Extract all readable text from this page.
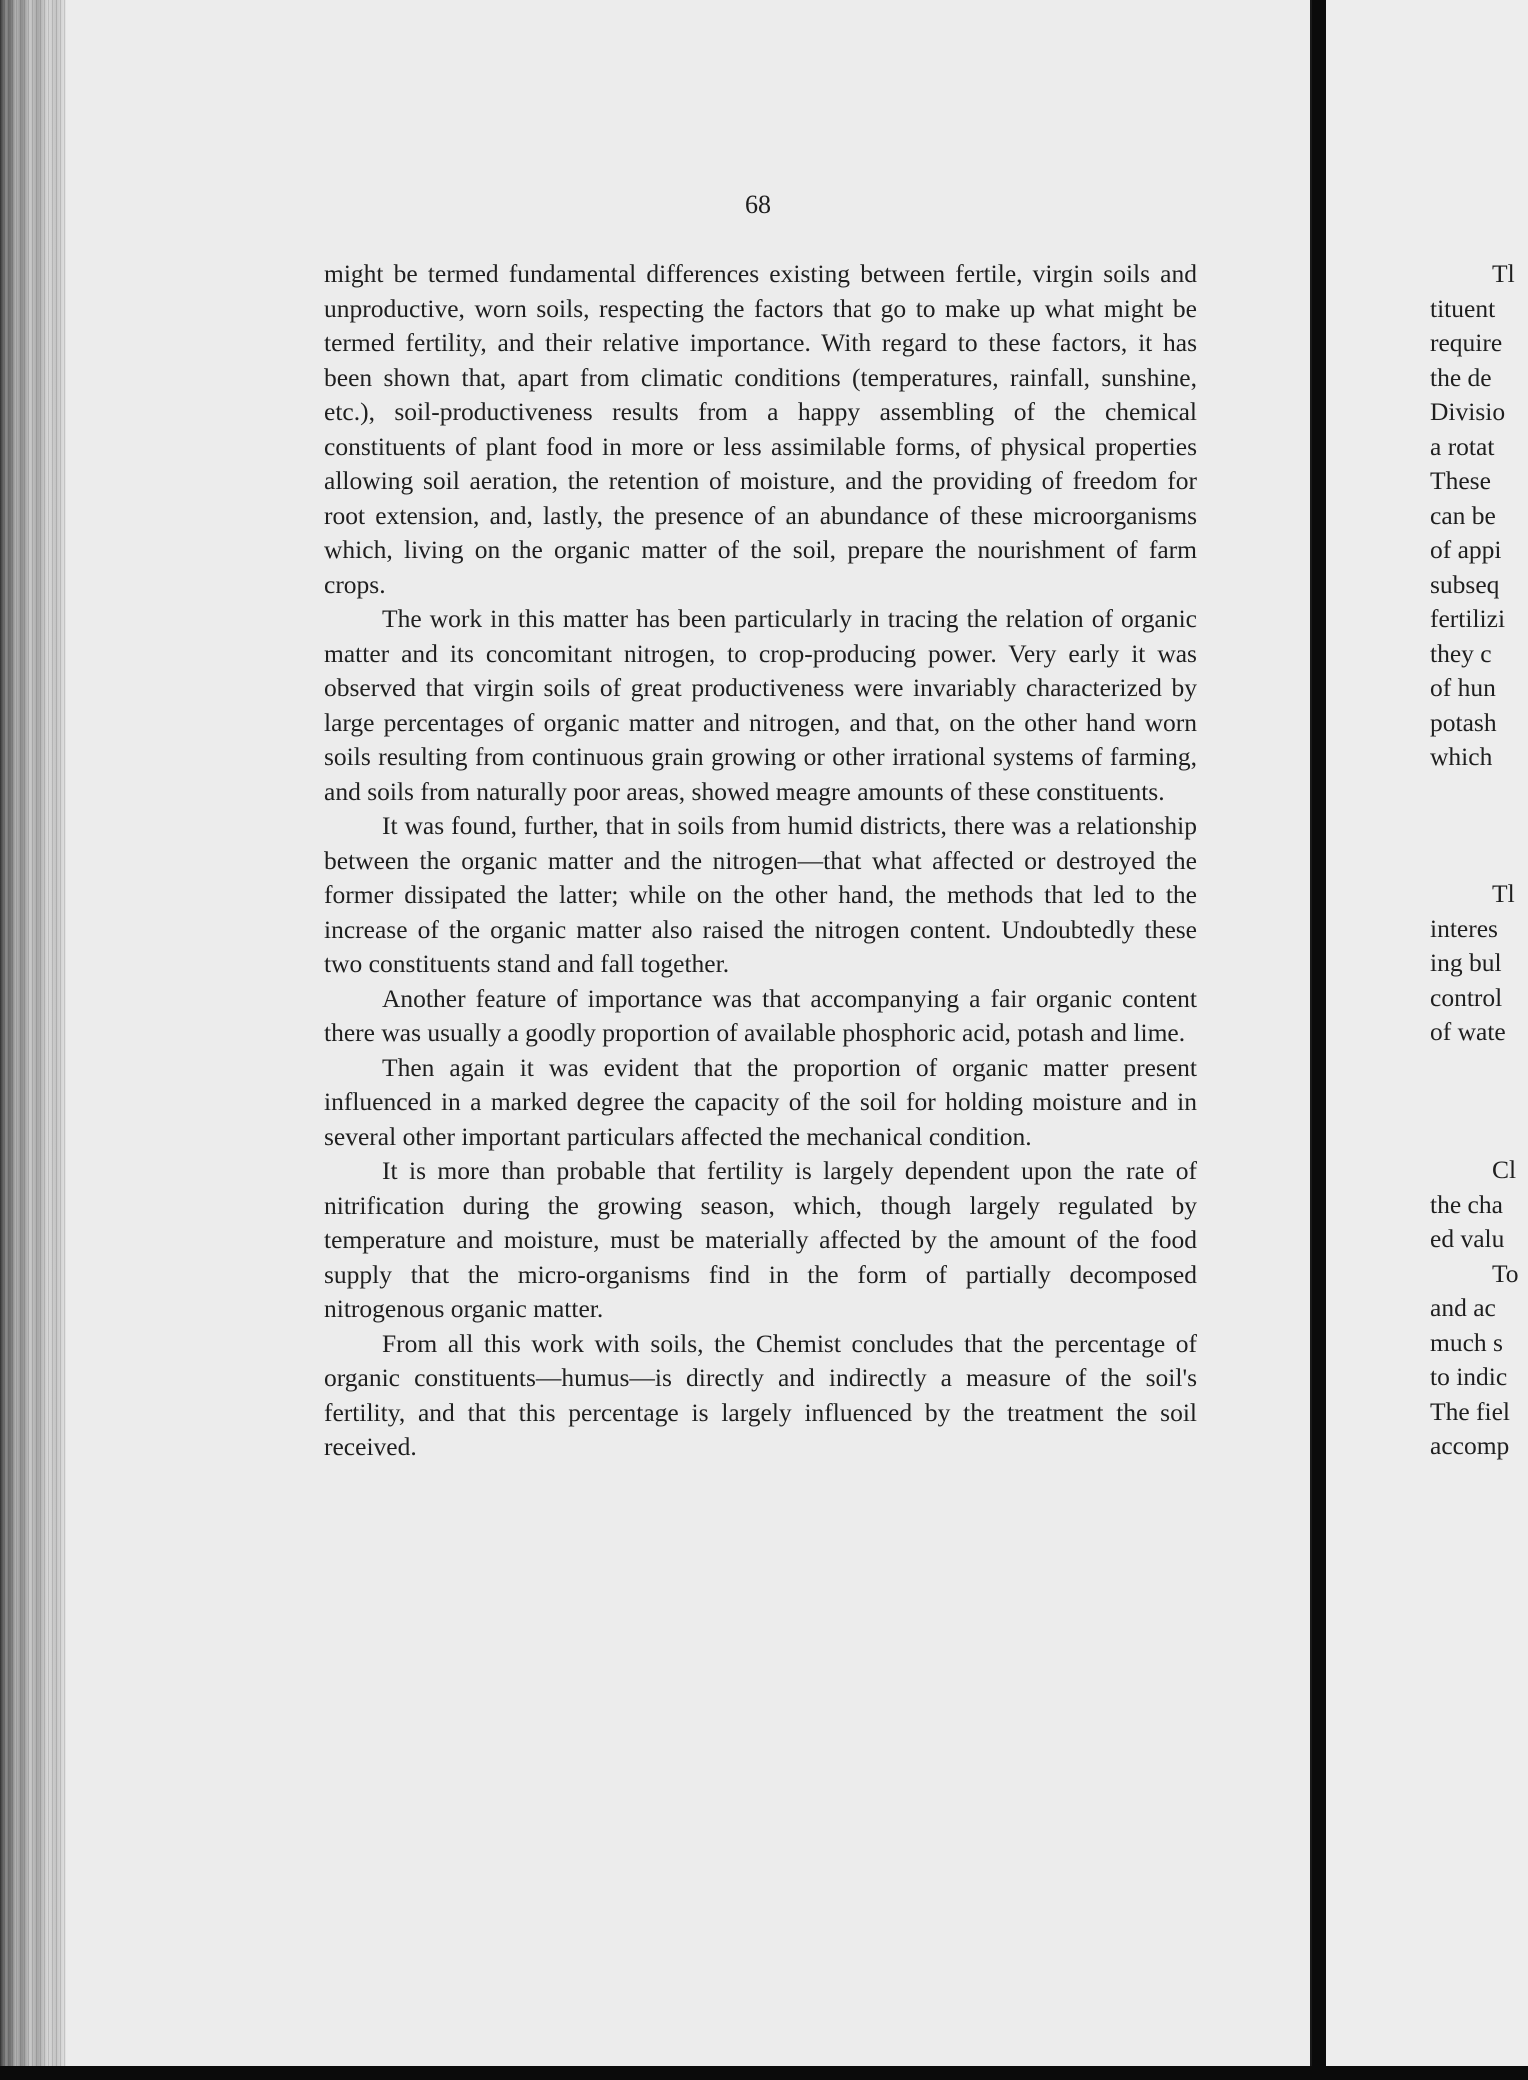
68

might be termed fundamental differences existing between fertile, virgin soils and unproductive, worn soils, respecting the factors that go to make up what might be termed fertility, and their relative importance. With regard to these factors, it has been shown that, apart from climatic conditions (temperatures, rainfall, sunshine, etc.), soil-productiveness results from a happy assembling of the chemical constituents of plant food in more or less assimilable forms, of physical properties allowing soil aeration, the retention of moisture, and the providing of freedom for root extension, and, lastly, the presence of an abundance of these microorganisms which, living on the organic matter of the soil, prepare the nourishment of farm crops.

The work in this matter has been particularly in tracing the relation of organic matter and its concomitant nitrogen, to crop-producing power. Very early it was observed that virgin soils of great productiveness were invariably characterized by large percentages of organic matter and nitrogen, and that, on the other hand worn soils resulting from continuous grain growing or other irrational systems of farming, and soils from naturally poor areas, showed meagre amounts of these constituents.

It was found, further, that in soils from humid districts, there was a relationship between the organic matter and the nitrogen—that what affected or destroyed the former dissipated the latter; while on the other hand, the methods that led to the increase of the organic matter also raised the nitrogen content. Undoubtedly these two constituents stand and fall together.

Another feature of importance was that accompanying a fair organic content there was usually a goodly proportion of available phosphoric acid, potash and lime.

Then again it was evident that the proportion of organic matter present influenced in a marked degree the capacity of the soil for holding moisture and in several other important particulars affected the mechanical condition.

It is more than probable that fertility is largely dependent upon the rate of nitrification during the growing season, which, though largely regulated by temperature and moisture, must be materially affected by the amount of the food supply that the micro-organisms find in the form of partially decomposed nitrogenous organic matter.

From all this work with soils, the Chemist concludes that the percentage of organic constituents—humus—is directly and indirectly a measure of the soil's fertility, and that this percentage is largely influenced by the treatment the soil received.

Tl
tituent
require
the de
Divisio
a rotat
These
can be
of appi
subseq
fertilizi
they c
of hun
potash
which
Tl
interes
ing bul
control
of wate
Cl
the cha
ed valu
To
and ac
much s
to indic
The fiel
accomp
